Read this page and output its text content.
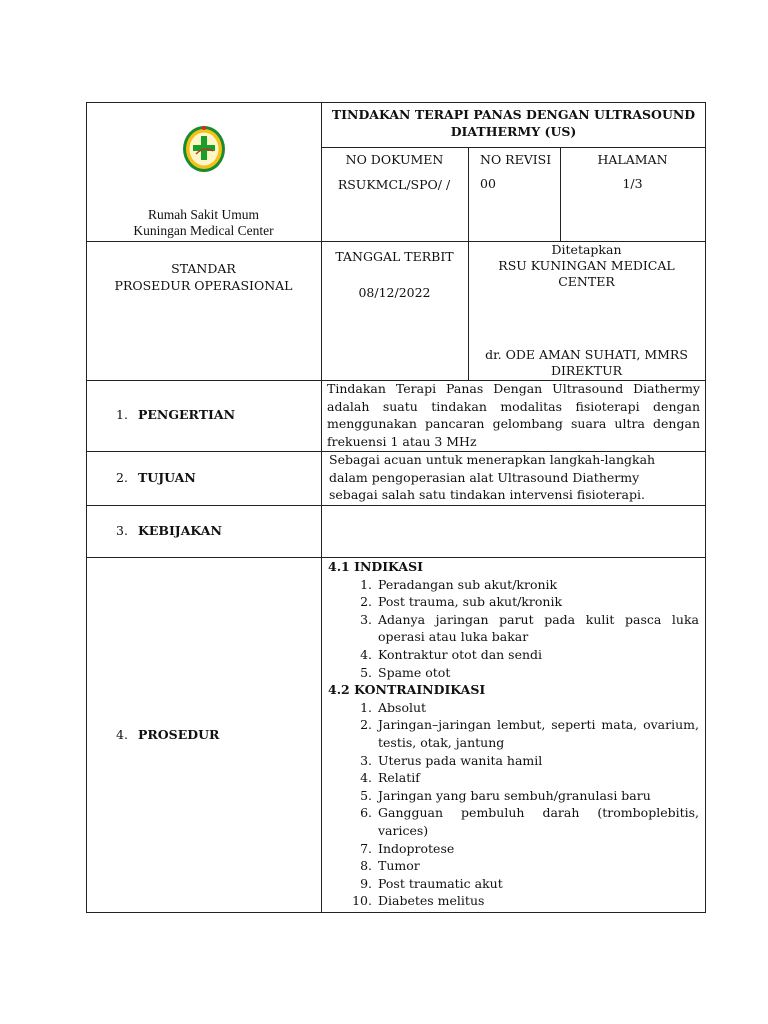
Rumah Sakit Umum
Kuningan Medical Center
TINDAKAN TERAPI PANAS DENGAN ULTRASOUND DIATHERMY (US)
NO DOKUMEN
RSUKMCL/SPO/ /
NO REVISI
00
HALAMAN
1/3
STANDAR
PROSEDUR OPERASIONAL
TANGGAL TERBIT
08/12/2022
Ditetapkan
RSU KUNINGAN MEDICAL CENTER
dr. ODE AMAN SUHATI, MMRS
DIREKTUR
1. PENGERTIAN
Tindakan Terapi Panas Dengan Ultrasound Diathermy adalah suatu tindakan modalitas fisioterapi dengan menggunakan pancaran gelombang suara ultra dengan frekuensi 1 atau 3 MHz
2. TUJUAN
Sebagai acuan untuk menerapkan langkah-langkah dalam pengoperasian alat Ultrasound Diathermy sebagai salah satu tindakan intervensi fisioterapi.
3. KEBIJAKAN
4. PROSEDUR
4.1 INDIKASI
1. Peradangan sub akut/kronik
2. Post trauma, sub akut/kronik
3. Adanya jaringan parut pada kulit pasca luka operasi atau luka bakar
4. Kontraktur otot dan sendi
5. Spame otot
4.2 KONTRAINDIKASI
1. Absolut
2. Jaringan–jaringan lembut, seperti mata, ovarium, testis, otak, jantung
3. Uterus pada wanita hamil
4. Relatif
5. Jaringan yang baru sembuh/granulasi baru
6. Gangguan pembuluh darah (tromboplebitis, varices)
7. Indoprotese
8. Tumor
9. Post traumatic akut
10. Diabetes melitus
